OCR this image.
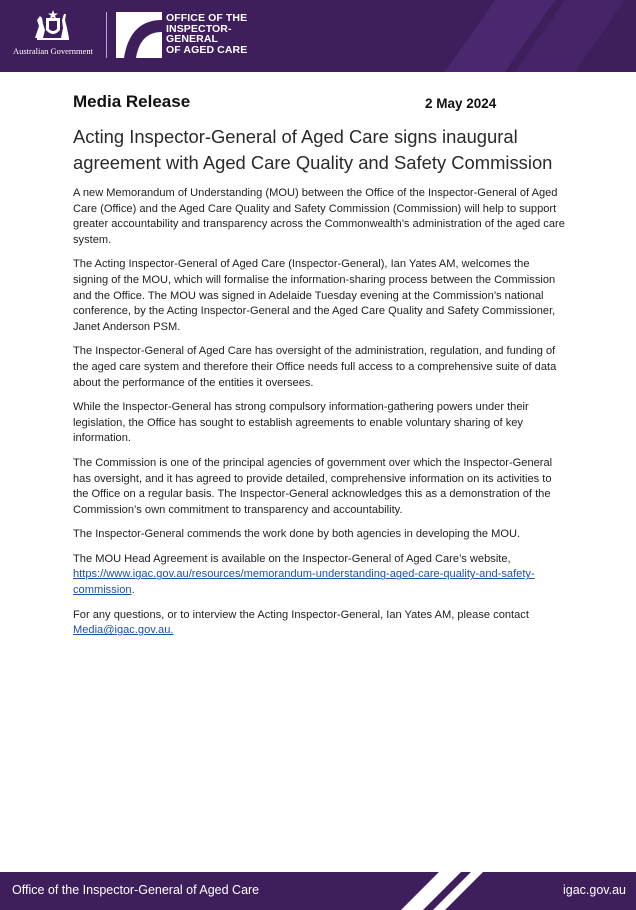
Australian Government
OFFICE OF THE
INSPECTOR-
GENERAL
OF AGED CARE
Media Release	2 May 2024
Acting Inspector-General of Aged Care signs inaugural agreement with Aged Care Quality and Safety Commission

A new Memorandum of Understanding (MOU) between the Office of the Inspector-General of Aged Care (Office) and the Aged Care Quality and Safety Commission (Commission) will help to support greater accountability and transparency across the Commonwealth’s administration of the aged care system.

The Acting Inspector-General of Aged Care (Inspector-General), Ian Yates AM, welcomes the signing of the MOU, which will formalise the information-sharing process between the Commission and the Office. The MOU was signed in Adelaide Tuesday evening at the Commission’s national conference, by the Acting Inspector-General and the Aged Care Quality and Safety Commissioner, Janet Anderson PSM.

The Inspector-General of Aged Care has oversight of the administration, regulation, and funding of the aged care system and therefore their Office needs full access to a comprehensive suite of data about the performance of the entities it oversees.

While the Inspector-General has strong compulsory information-gathering powers under their legislation, the Office has sought to establish agreements to enable voluntary sharing of key information.

The Commission is one of the principal agencies of government over which the Inspector-General has oversight, and it has agreed to provide detailed, comprehensive information on its activities to the Office on a regular basis. The Inspector-General acknowledges this as a demonstration of the Commission’s own commitment to transparency and accountability.

The Inspector-General commends the work done by both agencies in developing the MOU.

The MOU Head Agreement is available on the Inspector-General of Aged Care’s website,
https://www.igac.gov.au/resources/memorandum-understanding-aged-care-quality-and-safety-commission.

For any questions, or to interview the Acting Inspector-General, Ian Yates AM, please contact
Media@igac.gov.au.

Office of the Inspector-General of Aged Care	igac.gov.au
